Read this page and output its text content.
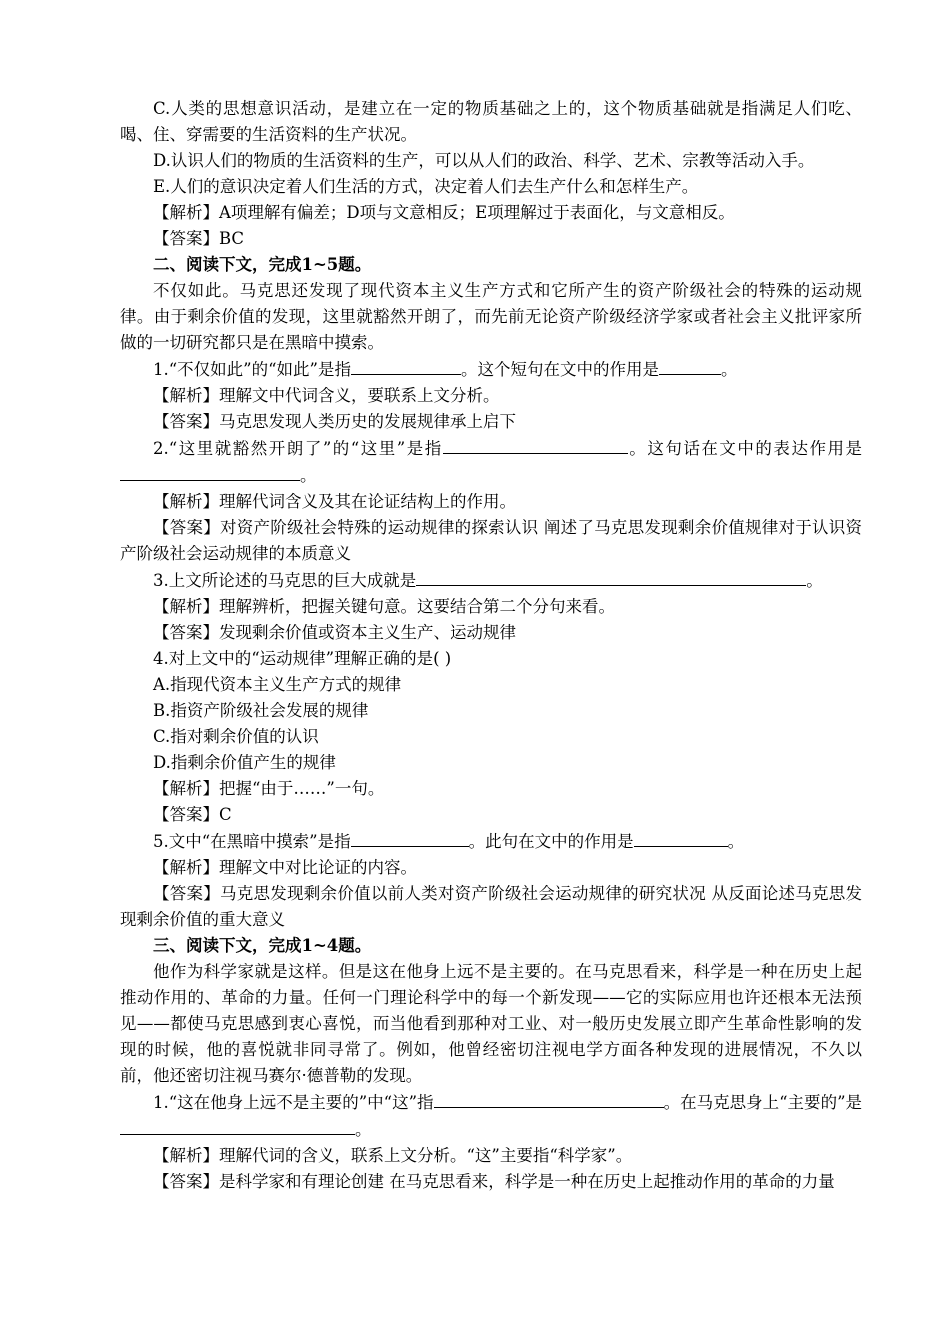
C.人类的思想意识活动，是建立在一定的物质基础之上的，这个物质基础就是指满足人们吃、喝、住、穿需要的生活资料的生产状况。

D.认识人们的物质的生活资料的生产，可以从人们的政治、科学、艺术、宗教等活动入手。

E.人们的意识决定着人们生活的方式，决定着人们去生产什么和怎样生产。

【解析】A项理解有偏差；D项与文意相反；E项理解过于表面化，与文意相反。

【答案】BC

二、阅读下文，完成1~5题。

不仅如此。马克思还发现了现代资本主义生产方式和它所产生的资产阶级社会的特殊的运动规律。由于剩余价值的发现，这里就豁然开朗了，而先前无论资产阶级经济学家或者社会主义批评家所做的一切研究都只是在黑暗中摸索。

1.“不仅如此”的“如此”是指	。这个短句在文中的作用是	。

【解析】理解文中代词含义，要联系上文分析。

【答案】马克思发现人类历史的发展规律承上启下

2.“这里就豁然开朗了”的“这里”是指	。这句话在文中的表达作用是。

【解析】理解代词含义及其在论证结构上的作用。

【答案】对资产阶级社会特殊的运动规律的探索认识 阐述了马克思发现剩余价值规律对于认识资产阶级社会运动规律的本质意义

3.上文所论述的马克思的巨大成就是	。

【解析】理解辨析，把握关键句意。这要结合第二个分句来看。

【答案】发现剩余价值或资本主义生产、运动规律

4.对上文中的“运动规律”理解正确的是( )

A.指现代资本主义生产方式的规律

B.指资产阶级社会发展的规律

C.指对剩余价值的认识

D.指剩余价值产生的规律

【解析】把握“由于……”一句。

【答案】C

5.文中“在黑暗中摸索”是指	。此句在文中的作用是	。

【解析】理解文中对比论证的内容。

【答案】马克思发现剩余价值以前人类对资产阶级社会运动规律的研究状况 从反面论述马克思发现剩余价值的重大意义

三、阅读下文，完成1~4题。

他作为科学家就是这样。但是这在他身上远不是主要的。在马克思看来，科学是一种在历史上起推动作用的、革命的力量。任何一门理论科学中的每一个新发现——它的实际应用也许还根本无法预见——都使马克思感到衷心喜悦，而当他看到那种对工业、对一般历史发展立即产生革命性影响的发现的时候，他的喜悦就非同寻常了。例如，他曾经密切注视电学方面各种发现的进展情况，不久以前，他还密切注视马赛尔·德普勒的发现。

1.“这在他身上远不是主要的”中“这”指	。在马克思身上“主要的”是。

【解析】理解代词的含义，联系上文分析。“这”主要指“科学家”。

【答案】是科学家和有理论创建 在马克思看来，科学是一种在历史上起推动作用的革命的力量
